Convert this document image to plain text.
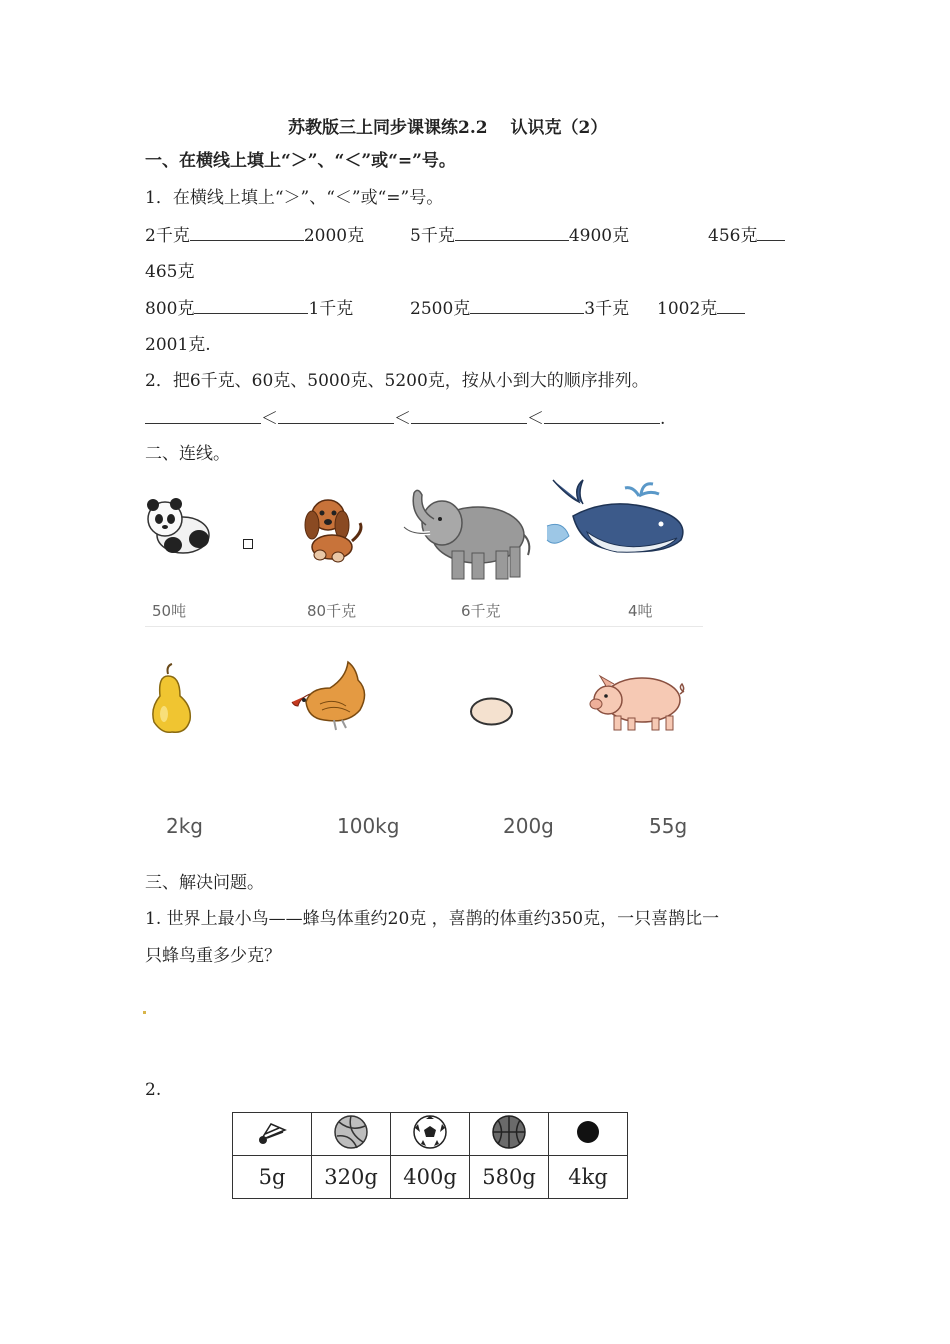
苏教版三上同步课课练2.2　 认识克（2）
一、在横线上填上“＞”、“＜”或“=”号。
1．在横线上填上“＞”、“＜”或“=”号。
2千克	2000克	5千克	4900克	456克
465克
800克	1千克	2500克	3千克 1002克
2001克.
2．把6千克、60克、5000克、5200克，按从小到大的顺序排列。
＜	＜	＜	.
二、连线。
50吨	80千克	6千克	4吨
2kg	100kg	200g	55g
三、解决问题。
1. 世界上最小鸟——蜂鸟体重约20克 ，喜鹊的体重约350克，一只喜鹊比一
只蜂鸟重多少克？
2.

5g	320g	400g	580g	4kg
